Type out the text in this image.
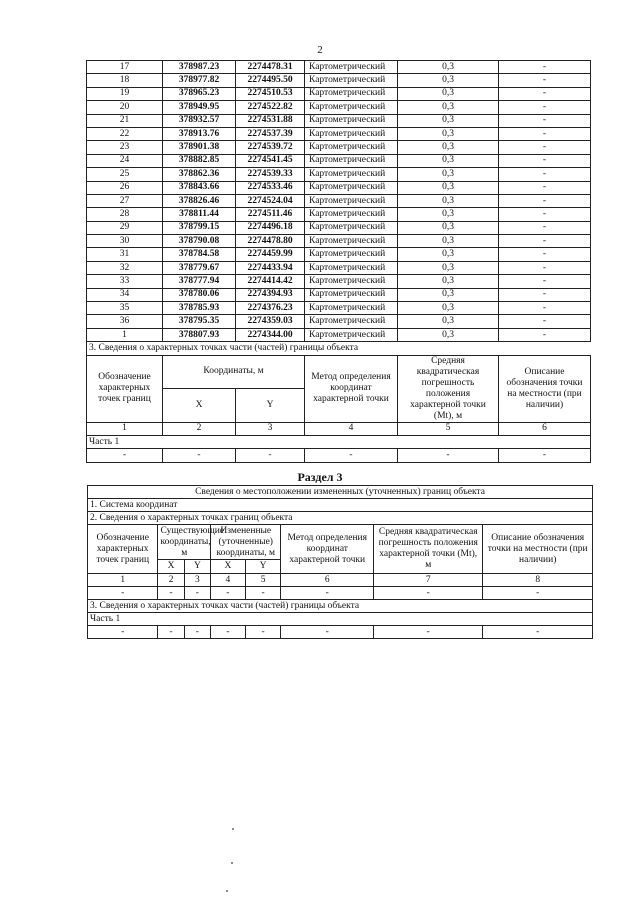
2
17	378987.23	2274478.31	Картометрический	0,3	-
18	378977.82	2274495.50	Картометрический	0,3	-
19	378965.23	2274510.53	Картометрический	0,3	-
20	378949.95	2274522.82	Картометрический	0,3	-
21	378932.57	2274531.88	Картометрический	0,3	-
22	378913.76	2274537.39	Картометрический	0,3	-
23	378901.38	2274539.72	Картометрический	0,3	-
24	378882.85	2274541.45	Картометрический	0,3	-
25	378862.36	2274539.33	Картометрический	0,3	-
26	378843.66	2274533.46	Картометрический	0,3	-
27	378826.46	2274524.04	Картометрический	0,3	-
28	378811.44	2274511.46	Картометрический	0,3	-
29	378799.15	2274496.18	Картометрический	0,3	-
30	378790.08	2274478.80	Картометрический	0,3	-
31	378784.58	2274459.99	Картометрический	0,3	-
32	378779.67	2274433.94	Картометрический	0,3	-
33	378777.94	2274414.42	Картометрический	0,3	-
34	378780.06	2274394.93	Картометрический	0,3	-
35	378785.93	2274376.23	Картометрический	0,3	-
36	378795.35	2274359.03	Картометрический	0,3	-
1	378807.93	2274344.00	Картометрический	0,3	-
3. Сведения о характерных точках части (частей) границы объекта					
Обозначение характерных точек границ	Координаты, м		Метод определения координат характерной точки	Средняя квадратическая погрешность положения характерной точки (Mt), м	Описание обозначения точки на местности (при наличии)
	X	Y			
1	2	3	4	5	6
Часть 1					
-	-	-	-	-	-
Раздел 3
Сведения о местоположении измененных (уточненных) границ объекта							
1. Система координат							
2. Сведения о характерных точках границ объекта							
Обозначение характерных точек границ	Существующие координаты, м		Измененные (уточненные) координаты, м		Метод определения координат характерной точки	Средняя квадратическая погрешность положения характерной точки (Mt), м	Описание обозначения точки на местности (при наличии)
	X	Y	X	Y			
1	2	3	4	5	6	7	8
-	-	-	-	-	-	-	-
3. Сведения о характерных точках части (частей) границы объекта							
Часть 1							
-	-	-	-	-	-	-	-
